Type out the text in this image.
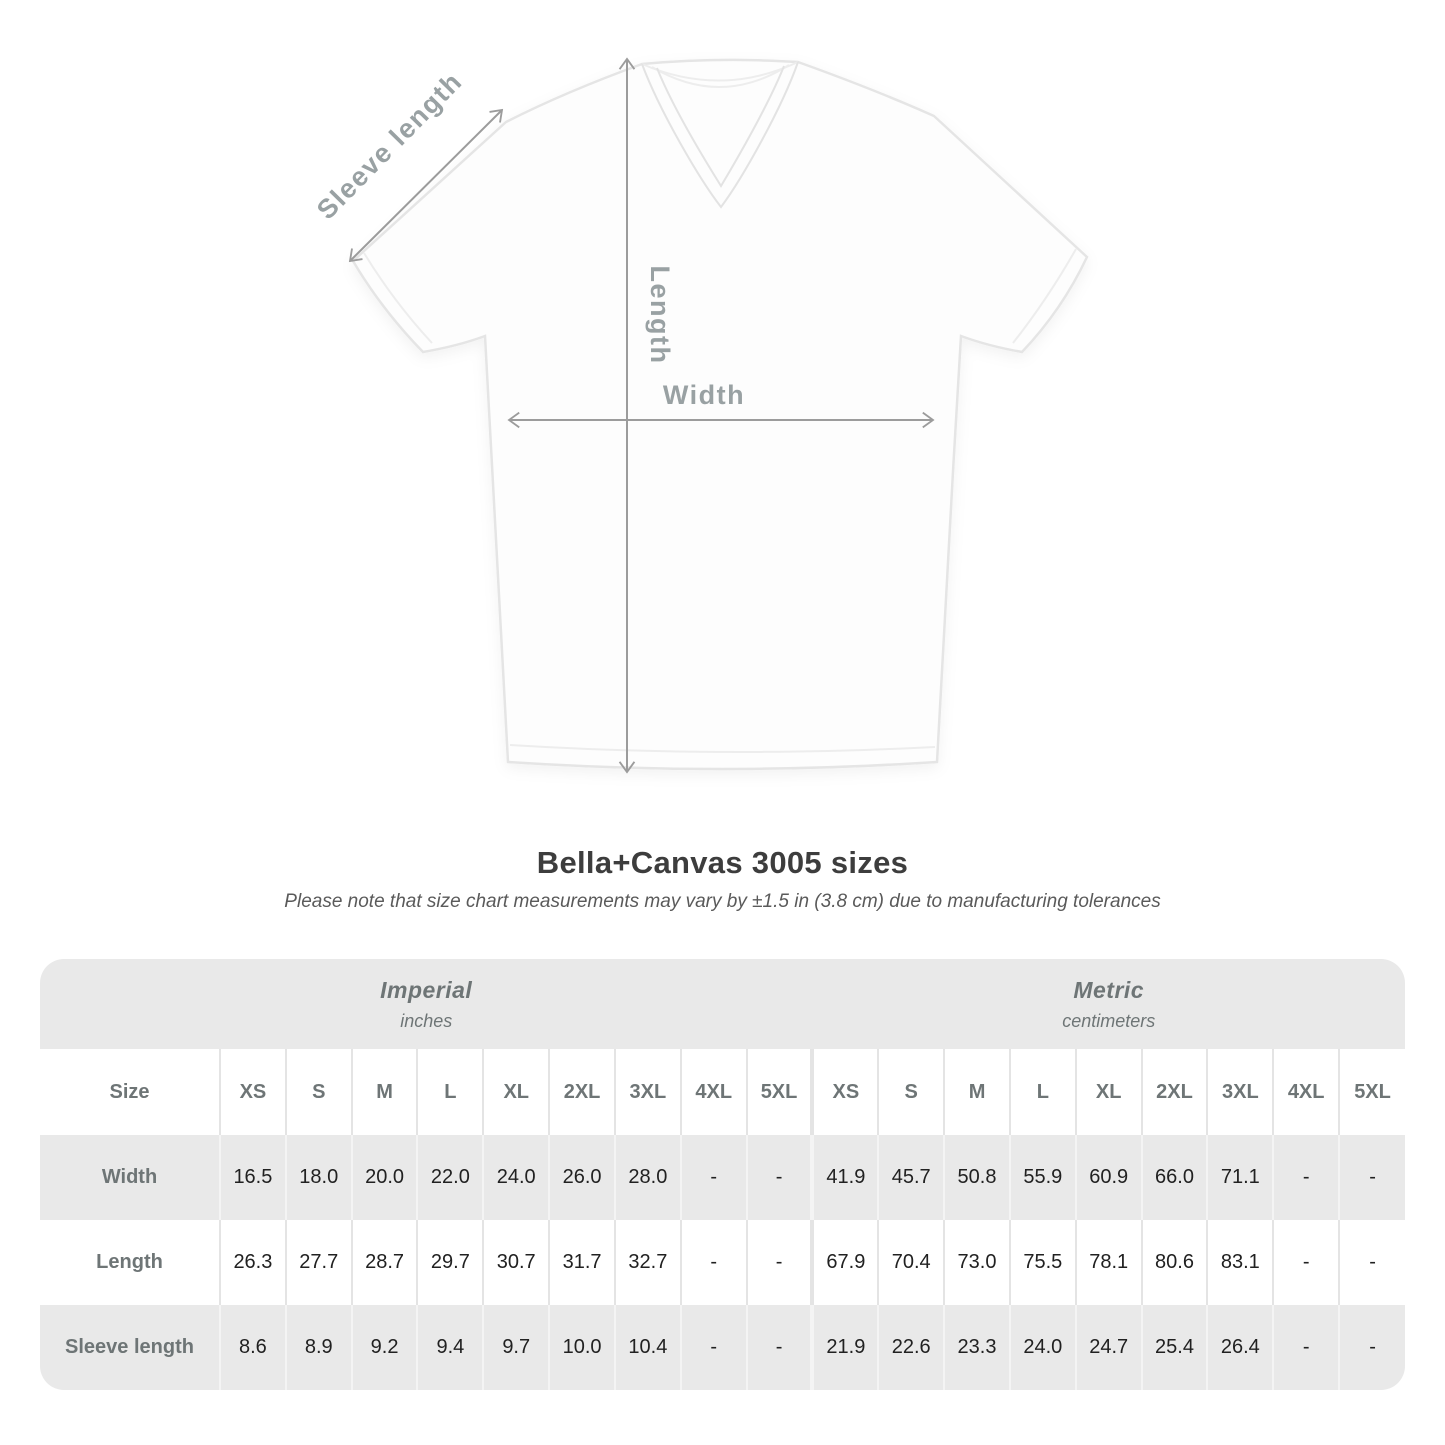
Sleeve length
Length
Width
Bella+Canvas 3005 sizes

Please note that size chart measurements may vary by ±1.5 in (3.8 cm) due to manufacturing tolerances

Imperial
inches

Metric
centimeters

Size	XS	S	M	L	XL	2XL	3XL	4XL	5XL	XS	S	M	L	XL	2XL	3XL	4XL	5XL
Width	16.5	18.0	20.0	22.0	24.0	26.0	28.0	-	-	41.9	45.7	50.8	55.9	60.9	66.0	71.1	-	-
Length	26.3	27.7	28.7	29.7	30.7	31.7	32.7	-	-	67.9	70.4	73.0	75.5	78.1	80.6	83.1	-	-
Sleeve length	8.6	8.9	9.2	9.4	9.7	10.0	10.4	-	-	21.9	22.6	23.3	24.0	24.7	25.4	26.4	-	-
